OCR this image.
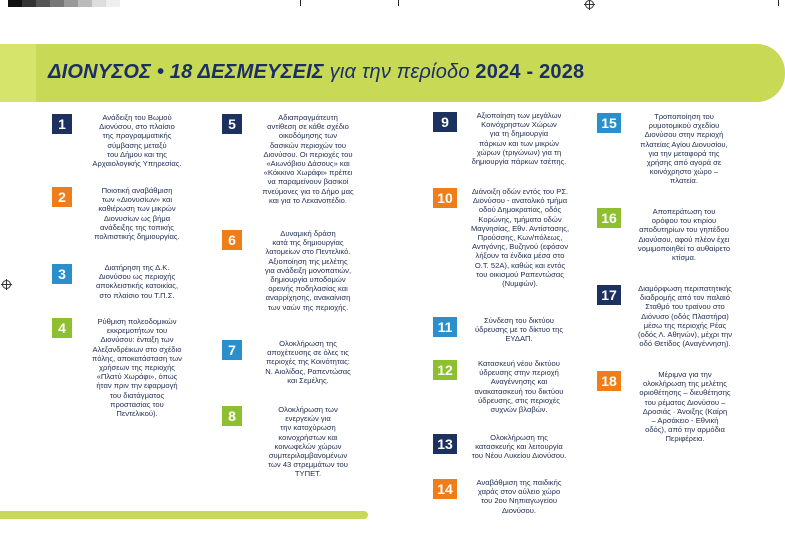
ΔΙΟΝΥΣΟΣ • 18 ΔΕΣΜΕΥΣΕΙΣ για την περίοδο 2024 - 2028
1	Ανάδειξη του Βωμού
Διονύσου, στο πλαίσιο
της προγραμματικής
σύμβασης μεταξύ
του Δήμου και της
Αρχαιολογικής Υπηρεσίας.
2	Ποιοτική αναβάθμιση
των «Διονυσίων» και
καθιέρωση των μικρών
Διονυσίων ως βήμα
ανάδειξης της τοπικής
πολιτιστικής δημιουργίας.
3	Διατήρηση της Δ.Κ.
Διονύσου ως περιοχής
αποκλειστικής κατοικίας,
στο πλαίσιο του Τ.Π.Σ.
4	Ρύθμιση πολεοδομικών
εκκρεμοτήτων του
Διονύσου: ένταξη των
Αλεξανδρέικων στο σχέδιο
πόλης, αποκατάσταση των
χρήσεων της περιοχής
«Πλατύ Χωράφι», όπως
ήταν πριν την εφαρμογή
του διατάγματος
προστασίας του
Πεντελικού).
5	Αδιαπραγμάτευτη
αντίθεση σε κάθε σχέδιο
οικοδόμησης των
δασικών περιοχών του
Διονύσου. Οι περιοχές του
«Αιωνόβιου Δάσους» και
«Κόκκινο Χωράφι» πρέπει
να παραμείνουν βασικοί
πνεύμονες για το Δήμο μας
και για το Λεκανοπέδιο.
6	Δυναμική δράση
κατά της δημιουργίας
λατομείων στο Πεντελικό.
Αξιοποίηση της μελέτης
για ανάδειξη μονοπατιών,
δημιουργία υποδομών
ορεινής ποδηλασίας και
αναρρίχησης, ανακαίνιση
των ναών της περιοχής.
7	Ολοκλήρωση της
αποχέτευσης σε όλες τις
περιοχές της Κοινότητας:
Ν. Αιολίδας, Ραπεντώσας
και Σεμέλης.
8	Ολοκλήρωση των
ενεργειών για
την κατοχύρωση
κοινοχρήστων και
κοινωφελών χώρων
συμπεριλαμβανομένων
των 43 στρεμμάτων του
ΤΥΠΕΤ.
9	Αξιοποίηση των μεγάλων
Κοινόχρηστων Χώρων
για τη δημιουργία
πάρκων και των μικρών
χώρων (τριγώνων) για τη
δημιουργία πάρκων τσέπης.
10	Διάνοιξη οδών εντός του ΡΣ.
Διονύσου - ανατολικό τμήμα
οδού Δημοκρατίας, οδός
Κορώνης, τμήματα οδών
Μαγνησίας, Εθν. Αντίστασης,
Προύσσης, Κων/πόλεως,
Αντιγόνης, Βυζηνού (εφόσον
λήξουν τα ένδικα μέσα στο
Ο.Τ. 52Α), καθώς και εντός
του οικισμού Ραπεντώσας
(Νυμφών).
11	Σύνδεση του δικτύου
ύδρευσης με το δίκτυο της
ΕΥΔΑΠ.
12	Κατασκευή νέου δικτύου
ύδρευσης στην περιοχή
Αναγέννησης και
ανακατασκευή του δικτύου
ύδρευσης, στις περιοχές
συχνών βλαβών.
13	Ολοκλήρωση της
κατασκευής και λειτουργία
του Νέου Λυκείου Διονύσου.
14	Αναβάθμιση της παιδικής
χαράς στον αύλειο χώρο
του 2ου Νηπιαγωγείου
Διονύσου.
15	Τροποποίηση του
ρυμοτομικού σχεδίου
Διονύσου στην περιοχή
πλατείας Αγίου Διονυσίου,
για την μεταφορά της
χρήσης από αγορά σε
κοινόχρηστο χώρο –
πλατεία.
16	Αποπεράτωση του
ορόφου του κτιρίου
αποδυτηρίων του γηπέδου
Διονύσου, αφού πλέον έχει
νομιμοποιηθεί το αυθαίρετο
κτίσμα.
17	Διαμόρφωση περιπατητικής
διαδρομής από τον παλαιό
Σταθμό του τραίνου στο
Διόνυσο (οδός Πλαστήρα)
μέσω της περιοχής Ρέας
(οδός Λ. Αθηνών), μέχρι την
οδό Θετίδος (Αναγέννηση).
18	Μέριμνα για την
ολοκλήρωση της μελέτης
οριοθέτησης – διευθέτησης
του ρέματος Διονύσου –
Δροσιάς · Άνοιξης (Καίρη
– Αρσάκειο - Εθνική
οδός), από την αρμόδια
Περιφέρεια.
